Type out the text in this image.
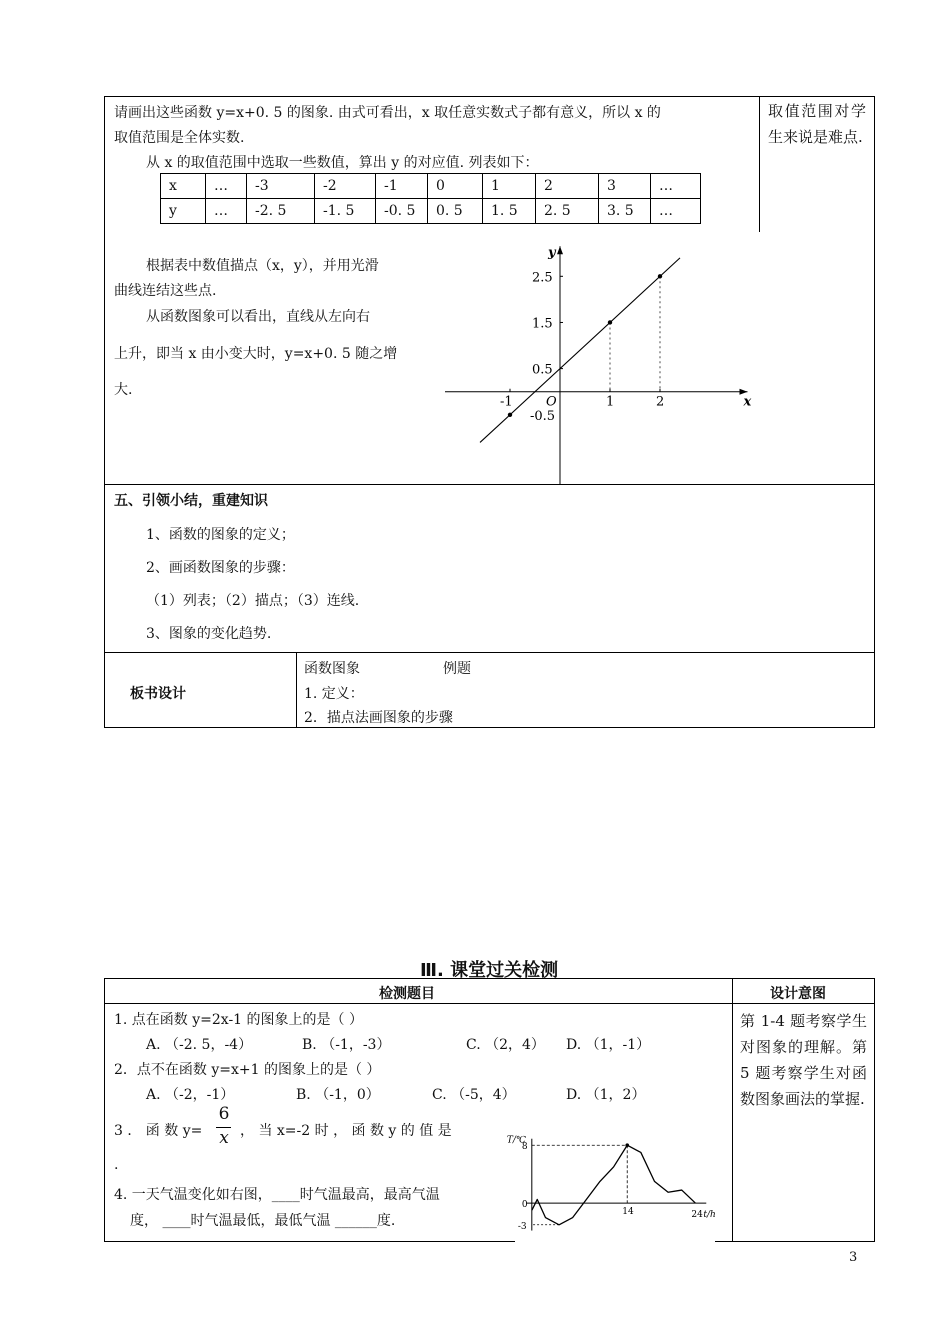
请画出这些函数 y=x+0. 5 的图象. 由式可看出，x 取任意实数式子都有意义，所以 x 的
取值范围是全体实数.
从 x 的取值范围中选取一些数值，算出 y 的对应值. 列表如下：
取值范围对学生来说是难点.
x	…	-3	-2	-1	0	1	2	3	…
y	…	-2. 5	-1. 5	-0. 5	0. 5	1. 5	2. 5	3. 5	…
根据表中数值描点（x，y），并用光滑
曲线连结这些点.
从函数图象可以看出，直线从左向右
上升，即当 x 由小变大时，y=x+0. 5 随之增
大.
x
y
O
-1	1	2
2.5
1.5
0.5
-0.5
五、引领小结，重建知识
1、函数的图象的定义；
2、画函数图象的步骤：
（1）列表；（2）描点；（3）连线.
3、图象的变化趋势.
板书设计
函数图象	例题
1. 定义：
2．描点法画图象的步骤
Ⅲ. 课堂过关检测
检测题目	设计意图
1. 点在函数 y=2x-1 的图象上的是（ ）
A. （-2. 5，-4）	B. （-1，-3）	C. （2，4） D. （1，-1）
2．点不在函数 y=x+1 的图象上的是（ ）
A. （-2，-1）	B. （-1，0）	C. （-5，4）	D. （1，2）
3 ． 函 数 y=
6
x ， 当 x=-2 时 ， 函 数 y 的 值 是
.
4. 一天气温变化如右图，____时气温最高，最高气温
度， ____时气温最低，最低气温 ______度.
第 1-4 题考察学生对图象的理解。第 5 题考察学生对函数图象画法的掌握.
T/℃
24 t/h
14
8
0
-3
3
